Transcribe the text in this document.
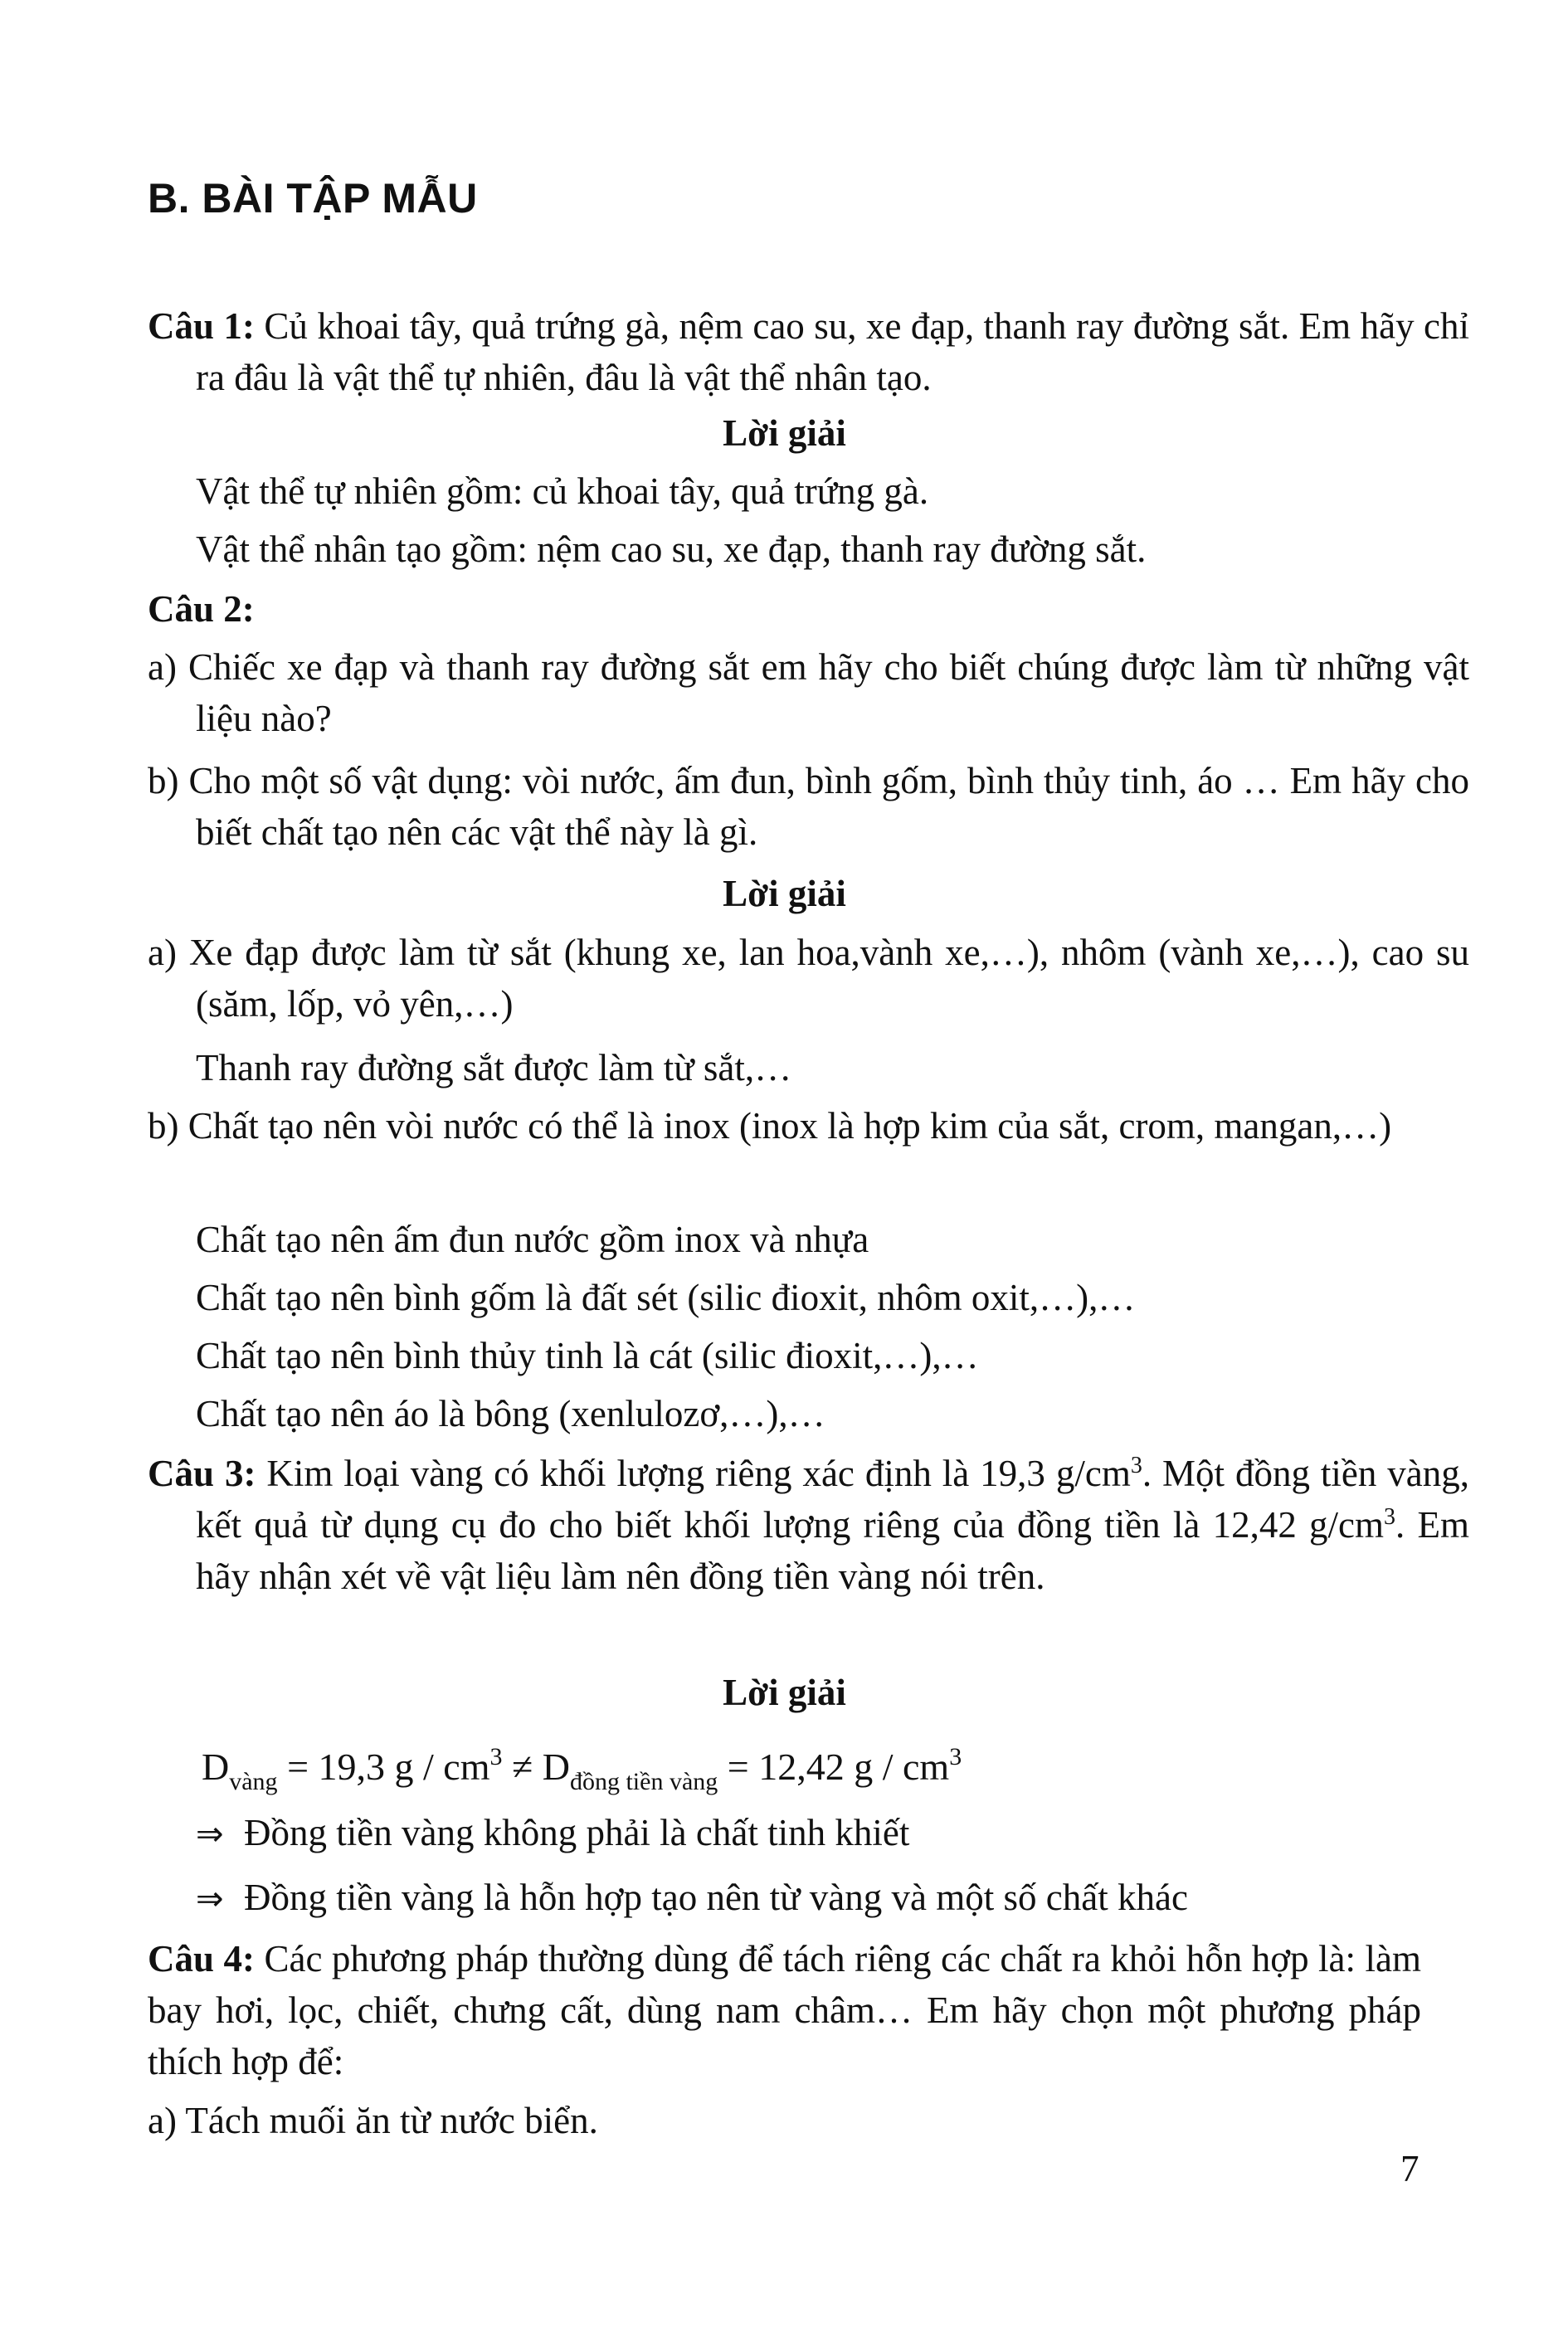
B. BÀI TẬP MẪU
Câu 1: Củ khoai tây, quả trứng gà, nệm cao su, xe đạp, thanh ray đường sắt. Em hãy chỉ ra đâu là vật thể tự nhiên, đâu là vật thể nhân tạo.
Lời giải
Vật thể tự nhiên gồm: củ khoai tây, quả trứng gà.
Vật thể nhân tạo gồm: nệm cao su, xe đạp, thanh ray đường sắt.
Câu 2:
a) Chiếc xe đạp và thanh ray đường sắt em hãy cho biết chúng được làm từ những vật liệu nào?
b) Cho một số vật dụng: vòi nước, ấm đun, bình gốm, bình thủy tinh, áo … Em hãy cho biết chất tạo nên các vật thể này là gì.
Lời giải
a) Xe đạp được làm từ sắt (khung xe, lan hoa,vành xe,…), nhôm (vành xe,…), cao su (săm, lốp, vỏ yên,…)
Thanh ray đường sắt được làm từ sắt,…
b) Chất tạo nên vòi nước có thể là inox (inox là hợp kim của sắt, crom, mangan,…)
Chất tạo nên ấm đun nước gồm inox và nhựa
Chất tạo nên bình gốm là đất sét (silic đioxit, nhôm oxit,…),…
Chất tạo nên bình thủy tinh là cát (silic đioxit,…),…
Chất tạo nên áo là bông (xenlulozơ,…),…
Câu 3: Kim loại vàng có khối lượng riêng xác định là 19,3 $g/cm^3$. Một đồng tiền vàng, kết quả từ dụng cụ đo cho biết khối lượng riêng của đồng tiền là 12,42 $g/cm^3$. Em hãy nhận xét về vật liệu làm nên đồng tiền vàng nói trên.
Lời giải
$D_{vàng} = 19,3$ $g / cm^3 \ne D_{đồng tiền vàng} = 12,42$ g / $cm^3$
⇒ Đồng tiền vàng không phải là chất tinh khiết
⇒ Đồng tiền vàng là hỗn hợp tạo nên từ vàng và một số chất khác
Câu 4: Các phương pháp thường dùng để tách riêng các chất ra khỏi hỗn hợp là: làm bay hơi, lọc, chiết, chưng cất, dùng nam châm… Em hãy chọn một phương pháp thích hợp để:
a) Tách muối ăn từ nước biển.
7
